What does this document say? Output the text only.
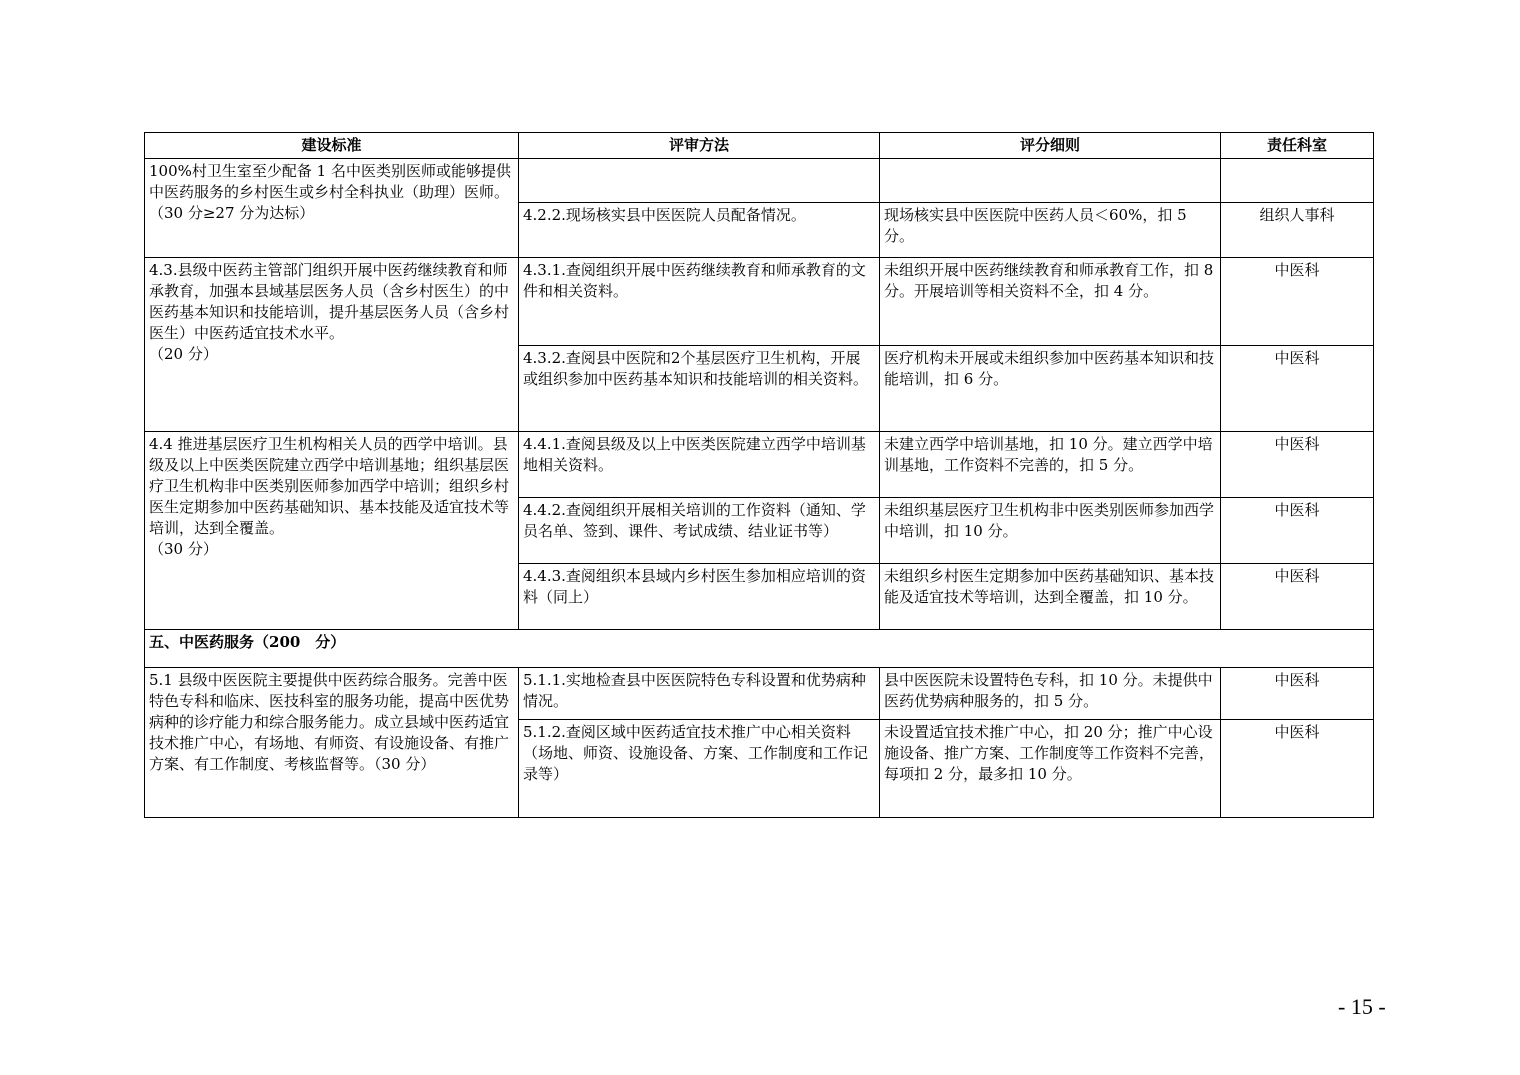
建设标准	评审方法	评分细则	责任科室
100%村卫生室至少配备 1 名中医类别医师或能够提供中医药服务的乡村医生或乡村全科执业（助理）医师。（30 分≥27 分为达标）			
	4.2.2.现场核实县中医医院人员配备情况。	现场核实县中医医院中医药人员＜60%，扣 5 分。	组织人事科

4.3.县级中医药主管部门组织开展中医药继续教育和师承教育，加强本县域基层医务人员（含乡村医生）的中医药基本知识和技能培训，提升基层医务人员（含乡村医生）中医药适宜技术水平。
（20 分）	4.3.1.查阅组织开展中医药继续教育和师承教育的文件和相关资料。	未组织开展中医药继续教育和师承教育工作，扣 8分。开展培训等相关资料不全，扣 4 分。	中医科
	4.3.2.查阅县中医院和2个基层医疗卫生机构，开展或组织参加中医药基本知识和技能培训的相关资料。	医疗机构未开展或未组织参加中医药基本知识和技能培训，扣 6 分。	中医科

4.4 推进基层医疗卫生机构相关人员的西学中培训。县级及以上中医类医院建立西学中培训基地；组织基层医疗卫生机构非中医类别医师参加西学中培训；组织乡村医生定期参加中医药基础知识、基本技能及适宜技术等培训，达到全覆盖。
（30 分）	4.4.1.查阅县级及以上中医类医院建立西学中培训基地相关资料。	未建立西学中培训基地，扣 10 分。建立西学中培训基地，工作资料不完善的，扣 5 分。	中医科
	4.4.2.查阅组织开展相关培训的工作资料（通知、学员名单、签到、课件、考试成绩、结业证书等）	未组织基层医疗卫生机构非中医类别医师参加西学中培训，扣 10 分。	中医科
	4.4.3.查阅组织本县域内乡村医生参加相应培训的资料（同上）	未组织乡村医生定期参加中医药基础知识、基本技能及适宜技术等培训，达到全覆盖，扣 10 分。	中医科
五、中医药服务（200　分）			
5.1 县级中医医院主要提供中医药综合服务。完善中医特色专科和临床、医技科室的服务功能，提高中医优势病种的诊疗能力和综合服务能力。成立县域中医药适宜技术推广中心，有场地、有师资、有设施设备、有推广方案、有工作制度、考核监督等。（30 分）	5.1.1.实地检查县中医医院特色专科设置和优势病种情况。	县中医医院未设置特色专科，扣 10 分。未提供中医药优势病种服务的，扣 5 分。	中医科
	5.1.2.查阅区域中医药适宜技术推广中心相关资料（场地、师资、设施设备、方案、工作制度和工作记录等）	未设置适宜技术推广中心，扣 20 分；推广中心设施设备、推广方案、工作制度等工作资料不完善，每项扣 2 分，最多扣 10 分。	中医科
- 15 -
